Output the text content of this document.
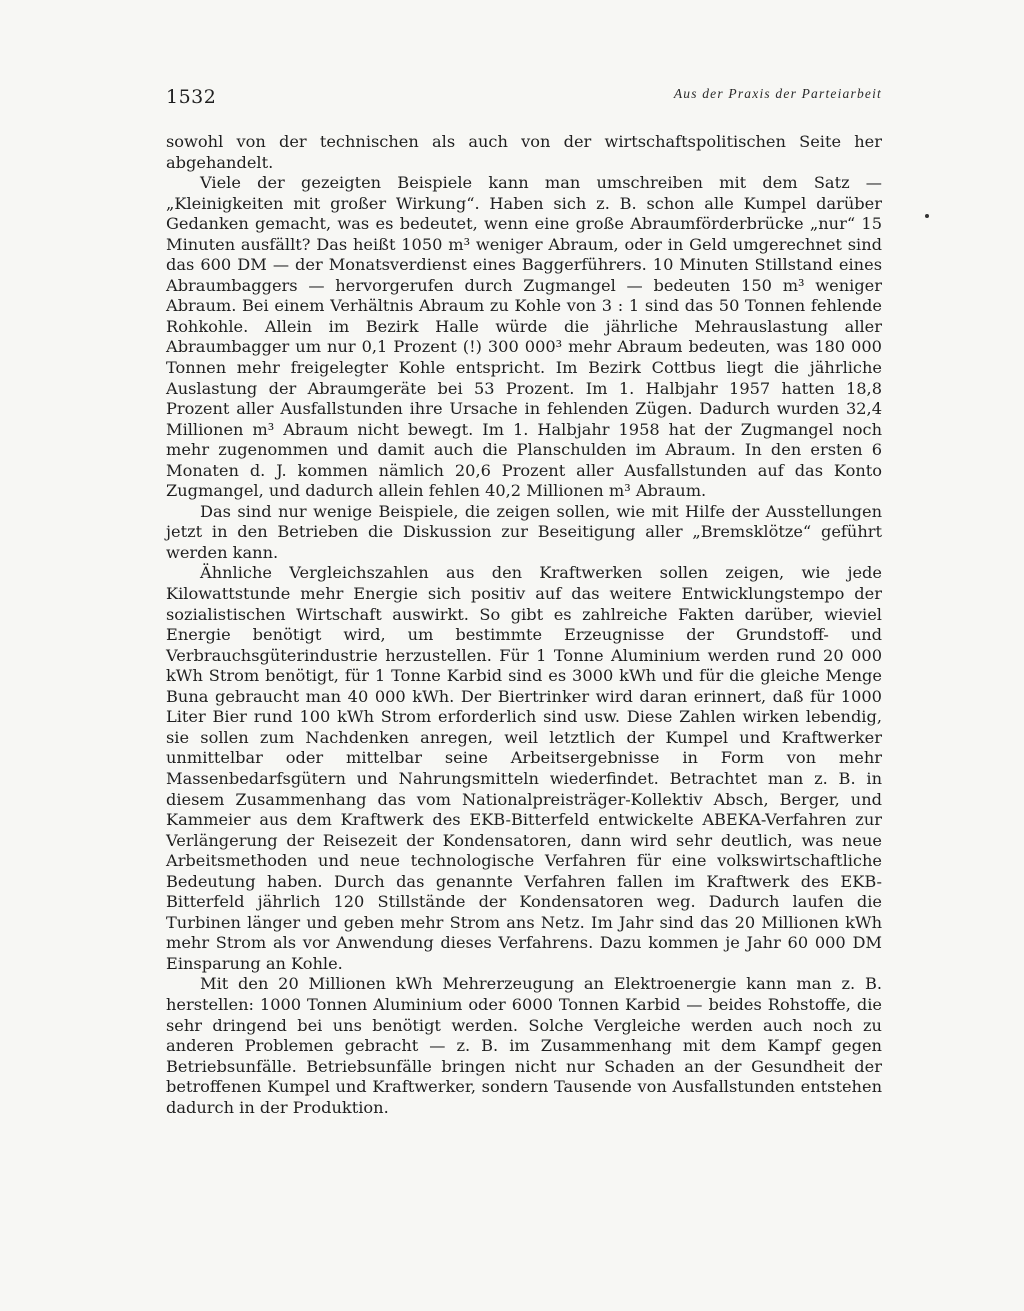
1532	Aus der Praxis der Parteiarbeit

sowohl von der technischen als auch von der wirtschaftspolitischen Seite her abgehandelt.

Viele der gezeigten Beispiele kann man umschreiben mit dem Satz — „Kleinigkeiten mit großer Wirkung“. Haben sich z. B. schon alle Kumpel darüber Gedanken gemacht, was es bedeutet, wenn eine große Abraumförderbrücke „nur“ 15 Minuten ausfällt? Das heißt 1050 m³ weniger Abraum, oder in Geld umgerechnet sind das 600 DM — der Monatsverdienst eines Baggerführers. 10 Minuten Stillstand eines Abraumbaggers — hervorgerufen durch Zugmangel — bedeuten 150 m³ weniger Abraum. Bei einem Verhältnis Abraum zu Kohle von 3 : 1 sind das 50 Tonnen fehlende Rohkohle. Allein im Bezirk Halle würde die jährliche Mehrauslastung aller Abraumbagger um nur 0,1 Prozent (!) 300 000³ mehr Abraum bedeuten, was 180 000 Tonnen mehr freigelegter Kohle entspricht. Im Bezirk Cottbus liegt die jährliche Auslastung der Abraumgeräte bei 53 Prozent. Im 1. Halbjahr 1957 hatten 18,8 Prozent aller Ausfallstunden ihre Ursache in fehlenden Zügen. Dadurch wurden 32,4 Millionen m³ Abraum nicht bewegt. Im 1. Halbjahr 1958 hat der Zugmangel noch mehr zugenommen und damit auch die Planschulden im Abraum. In den ersten 6 Monaten d. J. kommen nämlich 20,6 Prozent aller Ausfallstunden auf das Konto Zugmangel, und dadurch allein fehlen 40,2 Millionen m³ Abraum.

Das sind nur wenige Beispiele, die zeigen sollen, wie mit Hilfe der Ausstellungen jetzt in den Betrieben die Diskussion zur Beseitigung aller „Bremsklötze“ geführt werden kann.

Ähnliche Vergleichszahlen aus den Kraftwerken sollen zeigen, wie jede Kilowattstunde mehr Energie sich positiv auf das weitere Entwicklungstempo der sozialistischen Wirtschaft auswirkt. So gibt es zahlreiche Fakten darüber, wieviel Energie benötigt wird, um bestimmte Erzeugnisse der Grundstoff- und Verbrauchsgüterindustrie herzustellen. Für 1 Tonne Aluminium werden rund 20 000 kWh Strom benötigt, für 1 Tonne Karbid sind es 3000 kWh und für die gleiche Menge Buna gebraucht man 40 000 kWh. Der Biertrinker wird daran erinnert, daß für 1000 Liter Bier rund 100 kWh Strom erforderlich sind usw. Diese Zahlen wirken lebendig, sie sollen zum Nachdenken anregen, weil letztlich der Kumpel und Kraftwerker unmittelbar oder mittelbar seine Arbeitsergebnisse in Form von mehr Massenbedarfsgütern und Nahrungsmitteln wiederfindet. Betrachtet man z. B. in diesem Zusammenhang das vom Nationalpreisträger-Kollektiv Absch, Berger, und Kammeier aus dem Kraftwerk des EKB-Bitterfeld entwickelte ABEKA-Verfahren zur Verlängerung der Reisezeit der Kondensatoren, dann wird sehr deutlich, was neue Arbeitsmethoden und neue technologische Verfahren für eine volkswirtschaftliche Bedeutung haben. Durch das genannte Verfahren fallen im Kraftwerk des EKB-Bitterfeld jährlich 120 Stillstände der Kondensatoren weg. Dadurch laufen die Turbinen länger und geben mehr Strom ans Netz. Im Jahr sind das 20 Millionen kWh mehr Strom als vor Anwendung dieses Verfahrens. Dazu kommen je Jahr 60 000 DM Einsparung an Kohle.

Mit den 20 Millionen kWh Mehrerzeugung an Elektroenergie kann man z. B. herstellen: 1000 Tonnen Aluminium oder 6000 Tonnen Karbid — beides Rohstoffe, die sehr dringend bei uns benötigt werden. Solche Vergleiche werden auch noch zu anderen Problemen gebracht — z. B. im Zusammenhang mit dem Kampf gegen Betriebsunfälle. Betriebsunfälle bringen nicht nur Schaden an der Gesundheit der betroffenen Kumpel und Kraftwerker, sondern Tausende von Ausfallstunden entstehen dadurch in der Produktion.
